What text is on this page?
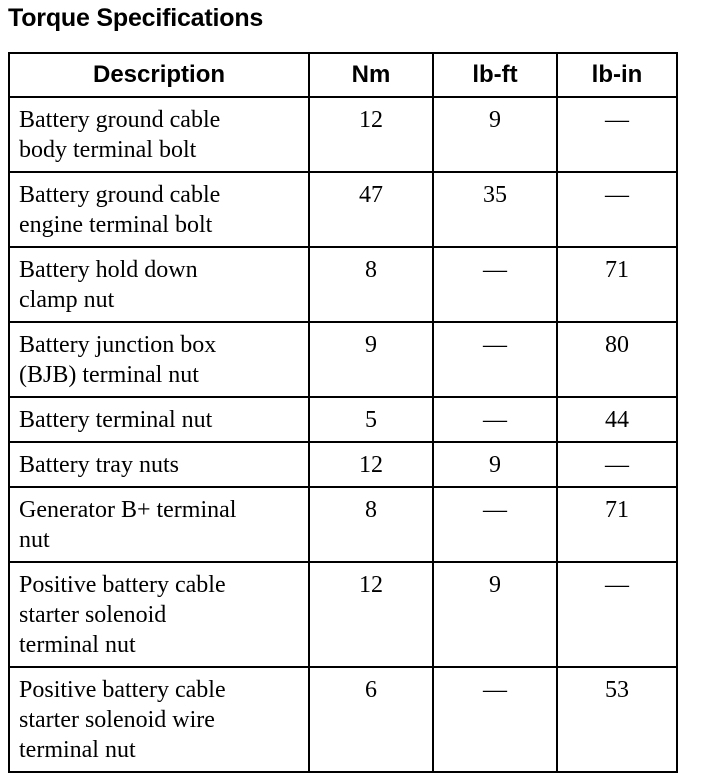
Torque Specifications
Description	Nm	lb-ft	lb-in

Battery ground cable
body terminal bolt	12	9	—

Battery ground cable
engine terminal bolt	47	35	—

Battery hold down
clamp nut	8	—	71

Battery junction box
(BJB) terminal nut	9	—	80

Battery terminal nut	5	—	44

Battery tray nuts	12	9	—

Generator B+ terminal
nut	8	—	71

Positive battery cable
starter solenoid
terminal nut	12	9	—

Positive battery cable
starter solenoid wire
terminal nut	6	—	53
